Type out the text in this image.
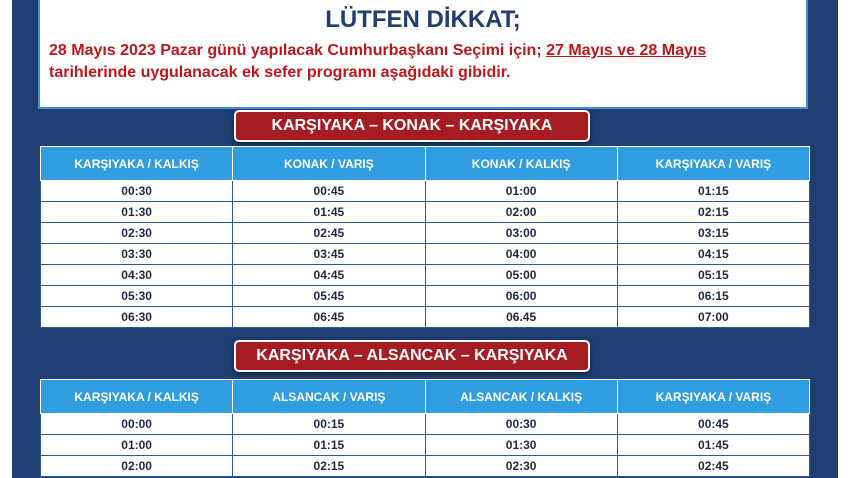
LÜTFEN DİKKAT;
28 Mayıs 2023 Pazar günü yapılacak Cumhurbaşkanı Seçimi için; 27 Mayıs ve 28 Mayıs
tarihlerinde uygulanacak ek sefer programı aşağıdaki gibidir.
KARŞIYAKA – KONAK – KARŞIYAKA
KARŞIYAKA / KALKIŞ	KONAK / VARIŞ	KONAK / KALKIŞ	KARŞIYAKA / VARIŞ
00:30	00:45	01:00	01:15
01:30	01:45	02:00	02:15
02:30	02:45	03:00	03:15
03:30	03:45	04:00	04:15
04:30	04:45	05:00	05:15
05:30	05:45	06:00	06:15
06:30	06:45	06.45	07:00
KARŞIYAKA – ALSANCAK – KARŞIYAKA
KARŞIYAKA / KALKIŞ	ALSANCAK / VARIŞ	ALSANCAK / KALKIŞ	KARŞIYAKA / VARIŞ
00:00	00:15	00:30	00:45
01:00	01:15	01:30	01:45
02:00	02:15	02:30	02:45
